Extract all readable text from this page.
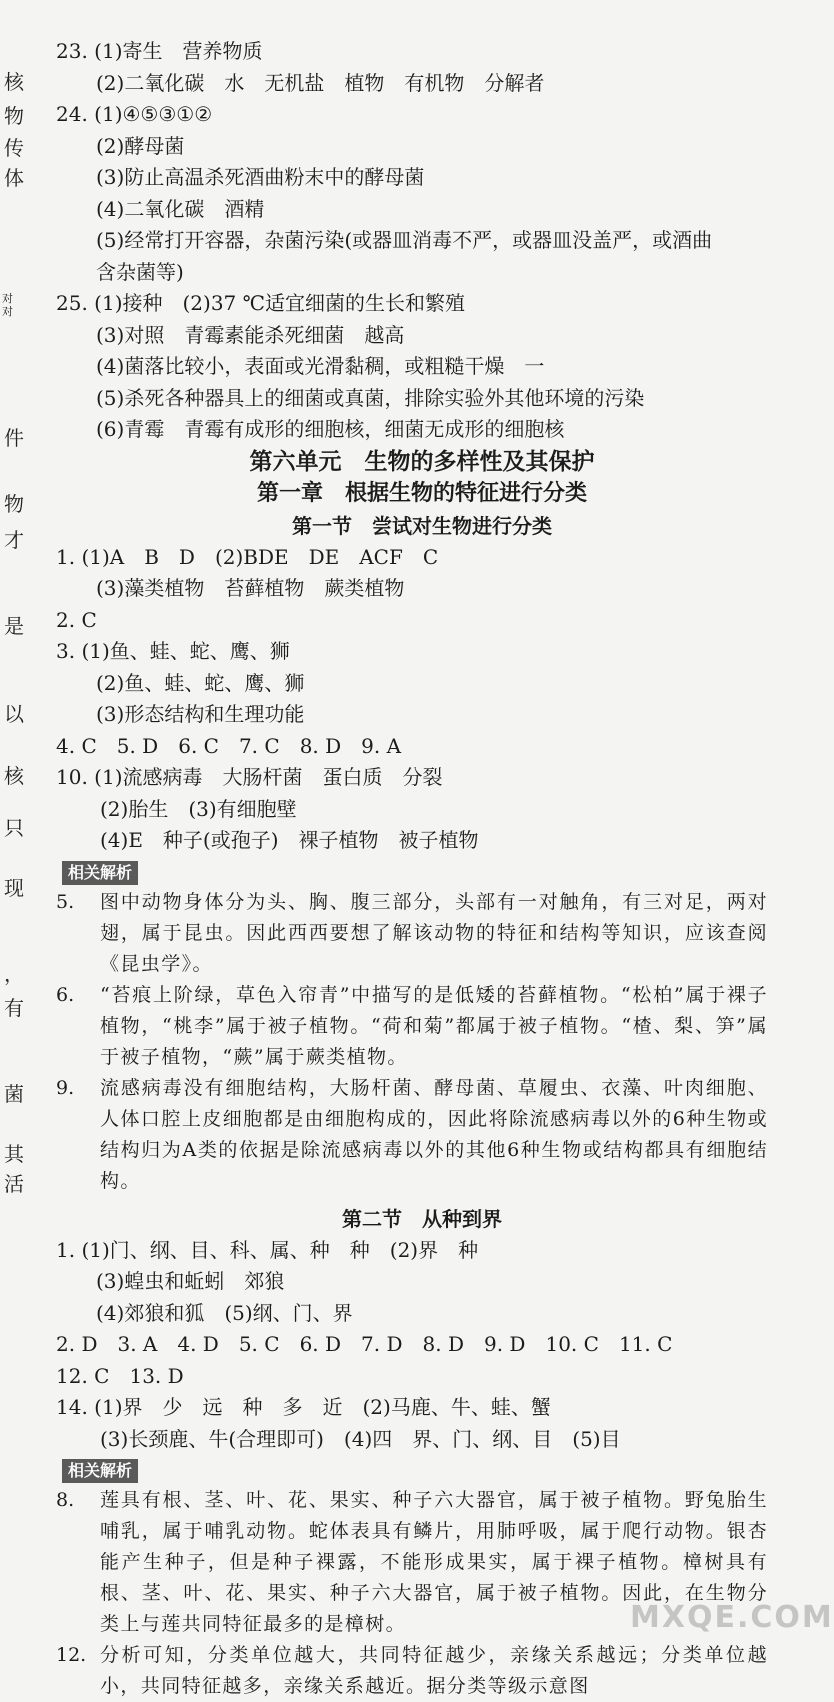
核
物
传
体
对
对
件
物
才
是
以
核
只
现
，
有
菌
其
活
23. (1)寄生　营养物质
(2)二氧化碳　水　无机盐　植物　有机物　分解者
24. (1)④⑤③①②
(2)酵母菌
(3)防止高温杀死酒曲粉末中的酵母菌
(4)二氧化碳　酒精
(5)经常打开容器，杂菌污染(或器皿消毒不严，或器皿没盖严，或酒曲
含杂菌等)
25. (1)接种　(2)37 ℃适宜细菌的生长和繁殖
(3)对照　青霉素能杀死细菌　越高
(4)菌落比较小，表面或光滑黏稠，或粗糙干燥　一
(5)杀死各种器具上的细菌或真菌，排除实验外其他环境的污染
(6)青霉　青霉有成形的细胞核，细菌无成形的细胞核
第六单元　生物的多样性及其保护
第一章　根据生物的特征进行分类
第一节　尝试对生物进行分类
1. (1)A　B　D　(2)BDE　DE　ACF　C
(3)藻类植物　苔藓植物　蕨类植物
2. C
3. (1)鱼、蛙、蛇、鹰、狮
(2)鱼、蛙、蛇、鹰、狮
(3)形态结构和生理功能
4. C　5. D　6. C　7. C　8. D　9. A
10. (1)流感病毒　大肠杆菌　蛋白质　分裂
(2)胎生　(3)有细胞壁
(4)E　种子(或孢子)　裸子植物　被子植物
相关解析
5.	图中动物身体分为头、胸、腹三部分，头部有一对触角，有三对足，两对翅，属于昆虫。因此西西要想了解该动物的特征和结构等知识，应该查阅《昆虫学》。
6.	“苔痕上阶绿，草色入帘青”中描写的是低矮的苔藓植物。“松柏”属于裸子植物，“桃李”属于被子植物。“荷和菊”都属于被子植物。“楂、梨、笋”属于被子植物，“蕨”属于蕨类植物。
9.	流感病毒没有细胞结构，大肠杆菌、酵母菌、草履虫、衣藻、叶肉细胞、人体口腔上皮细胞都是由细胞构成的，因此将除流感病毒以外的6种生物或结构归为A类的依据是除流感病毒以外的其他6种生物或结构都具有细胞结构。
第二节　从种到界
1. (1)门、纲、目、科、属、种　种　(2)界　种
(3)蝗虫和蚯蚓　郊狼
(4)郊狼和狐　(5)纲、门、界
2. D　3. A　4. D　5. C　6. D　7. D　8. D　9. D　10. C　11. C
12. C　13. D
14. (1)界　少　远　种　多　近　(2)马鹿、牛、蛙、蟹
(3)长颈鹿、牛(合理即可)　(4)四　界、门、纲、目　(5)目
相关解析
8.	莲具有根、茎、叶、花、果实、种子六大器官，属于被子植物。野兔胎生哺乳，属于哺乳动物。蛇体表具有鳞片，用肺呼吸，属于爬行动物。银杏能产生种子，但是种子裸露，不能形成果实，属于裸子植物。樟树具有根、茎、叶、花、果实、种子六大器官，属于被子植物。因此，在生物分类上与莲共同特征最多的是樟树。
12. 分析可知，分类单位越大，共同特征越少，亲缘关系越远；分类单位越小，共同特征越多，亲缘关系越近。据分类等级示意图
MXQE.COM
